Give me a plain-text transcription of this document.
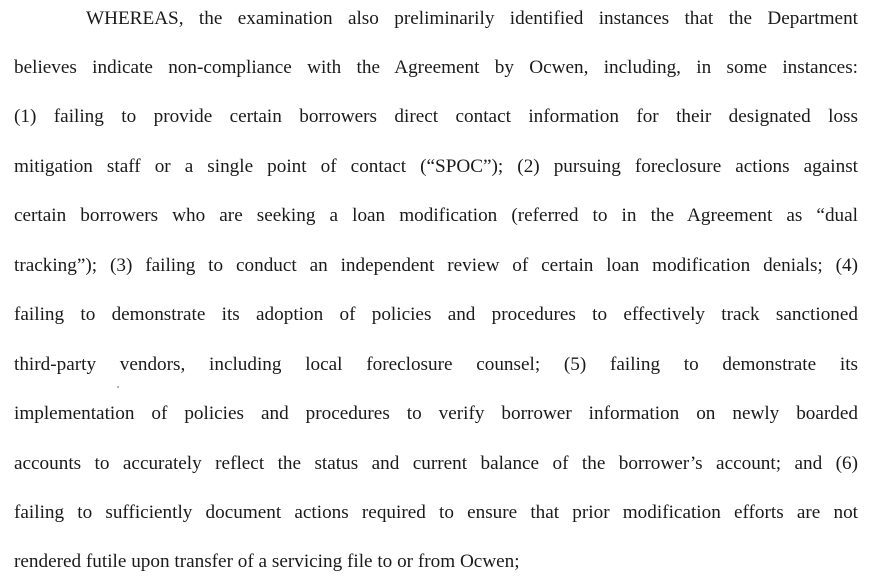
WHEREAS, the examination also preliminarily identified instances that the Department
believes indicate non-compliance with the Agreement by Ocwen, including, in some instances:
(1) failing to provide certain borrowers direct contact information for their designated loss
mitigation staff or a single point of contact (“SPOC”); (2) pursuing foreclosure actions against
certain borrowers who are seeking a loan modification (referred to in the Agreement as “dual
tracking”); (3) failing to conduct an independent review of certain loan modification denials; (4)
failing to demonstrate its adoption of policies and procedures to effectively track sanctioned
third-party vendors, including local foreclosure counsel; (5) failing to demonstrate its
implementation of policies and procedures to verify borrower information on newly boarded
accounts to accurately reflect the status and current balance of the borrower’s account; and (6)
failing to sufficiently document actions required to ensure that prior modification efforts are not
rendered futile upon transfer of a servicing file to or from Ocwen;
